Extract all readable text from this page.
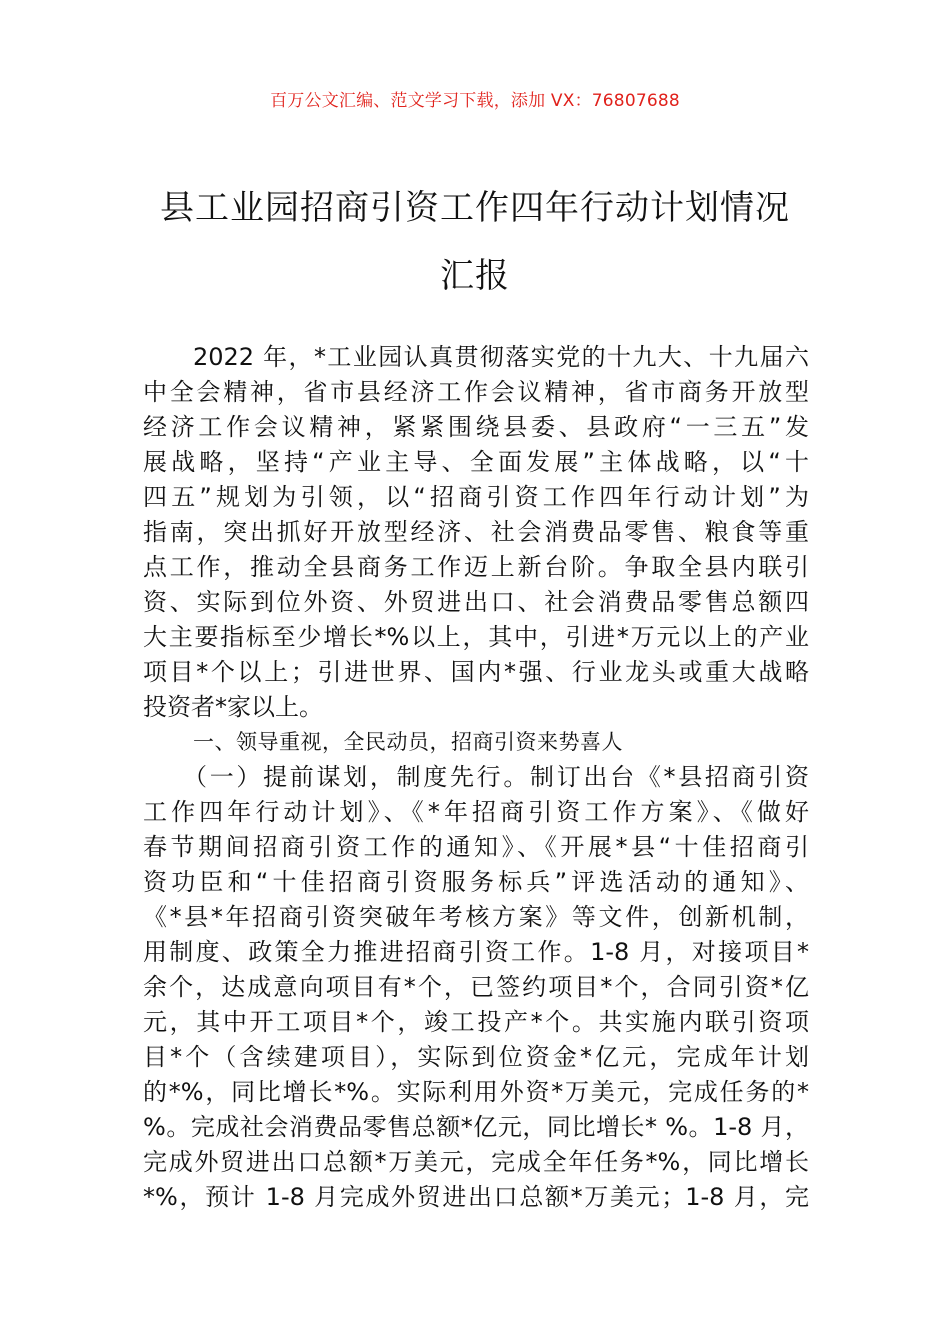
百万公文汇编、范文学习下载，添加 VX：76807688
县工业园招商引资工作四年行动计划情况
汇报
2022 年，*工业园认真贯彻落实党的十九大、十九届六
中全会精神，省市县经济工作会议精神，省市商务开放型
经济工作会议精神，紧紧围绕县委、县政府“一三五”发
展战略，坚持“产业主导、全面发展”主体战略，以“十
四五”规划为引领，以“招商引资工作四年行动计划”为
指南，突出抓好开放型经济、社会消费品零售、粮食等重
点工作，推动全县商务工作迈上新台阶。争取全县内联引
资、实际到位外资、外贸进出口、社会消费品零售总额四
大主要指标至少增长*%以上，其中，引进*万元以上的产业
项目*个以上；引进世界、国内*强、行业龙头或重大战略
投资者*家以上。
一、领导重视，全民动员，招商引资来势喜人
（一）提前谋划，制度先行。制订出台《*县招商引资
工作四年行动计划》、《*年招商引资工作方案》、《做好
春节期间招商引资工作的通知》、《开展*县“十佳招商引
资功臣和“十佳招商引资服务标兵”评选活动的通知》、
《*县*年招商引资突破年考核方案》等文件，创新机制，
用制度、政策全力推进招商引资工作。1-8 月，对接项目*
余个，达成意向项目有*个，已签约项目*个，合同引资*亿
元，其中开工项目*个，竣工投产*个。共实施内联引资项
目*个（含续建项目），实际到位资金*亿元，完成年计划
的*%，同比增长*%。实际利用外资*万美元，完成任务的*
%。完成社会消费品零售总额*亿元，同比增长* %。1-8 月，
完成外贸进出口总额*万美元，完成全年任务*%，同比增长
*%，预计 1-8 月完成外贸进出口总额*万美元；1-8 月，完
